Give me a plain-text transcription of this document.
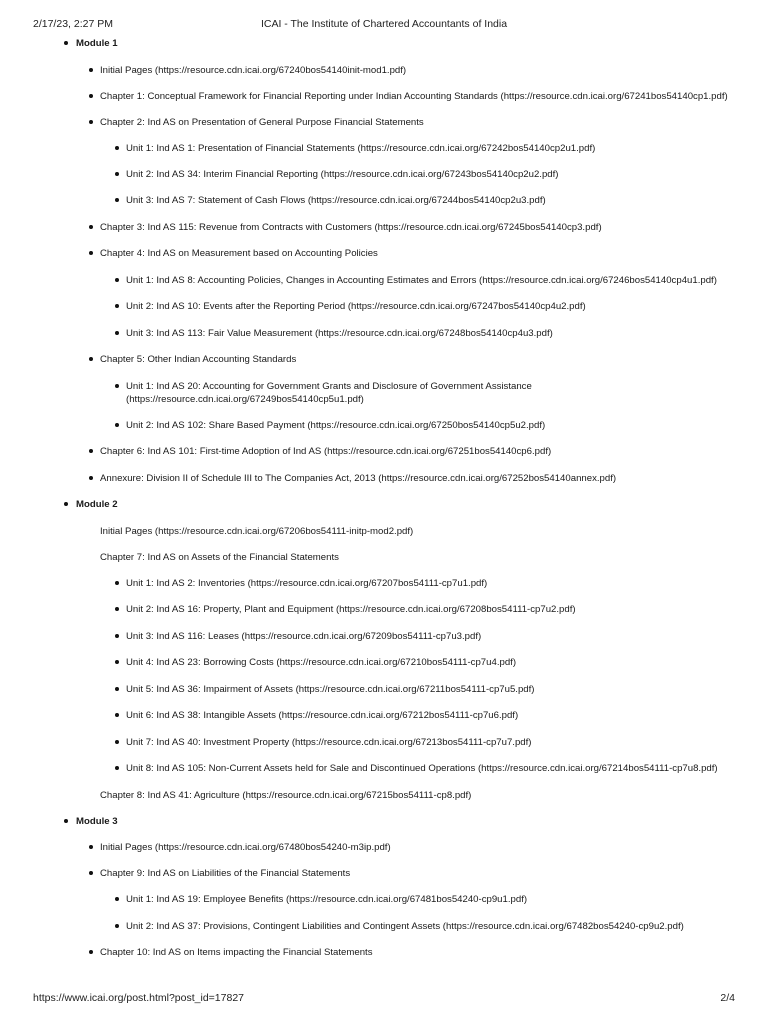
2/17/23, 2:27 PM	ICAI - The Institute of Chartered Accountants of India
Module 1
Initial Pages (https://resource.cdn.icai.org/67240bos54140init-mod1.pdf)
Chapter 1: Conceptual Framework for Financial Reporting under Indian Accounting Standards (https://resource.cdn.icai.org/67241bos54140cp1.pdf)
Chapter 2: Ind AS on Presentation of General Purpose Financial Statements
Unit 1: Ind AS 1: Presentation of Financial Statements (https://resource.cdn.icai.org/67242bos54140cp2u1.pdf)
Unit 2: Ind AS 34: Interim Financial Reporting (https://resource.cdn.icai.org/67243bos54140cp2u2.pdf)
Unit 3: Ind AS 7: Statement of Cash Flows (https://resource.cdn.icai.org/67244bos54140cp2u3.pdf)
Chapter 3: Ind AS 115: Revenue from Contracts with Customers (https://resource.cdn.icai.org/67245bos54140cp3.pdf)
Chapter 4: Ind AS on Measurement based on Accounting Policies
Unit 1: Ind AS 8: Accounting Policies, Changes in Accounting Estimates and Errors (https://resource.cdn.icai.org/67246bos54140cp4u1.pdf)
Unit 2: Ind AS 10: Events after the Reporting Period (https://resource.cdn.icai.org/67247bos54140cp4u2.pdf)
Unit 3: Ind AS 113: Fair Value Measurement (https://resource.cdn.icai.org/67248bos54140cp4u3.pdf)
Chapter 5: Other Indian Accounting Standards
Unit 1: Ind AS 20: Accounting for Government Grants and Disclosure of Government Assistance (https://resource.cdn.icai.org/67249bos54140cp5u1.pdf)
Unit 2: Ind AS 102: Share Based Payment (https://resource.cdn.icai.org/67250bos54140cp5u2.pdf)
Chapter 6: Ind AS 101: First-time Adoption of Ind AS (https://resource.cdn.icai.org/67251bos54140cp6.pdf)
Annexure: Division II of Schedule III to The Companies Act, 2013 (https://resource.cdn.icai.org/67252bos54140annex.pdf)
Module 2
Initial Pages (https://resource.cdn.icai.org/67206bos54111-initp-mod2.pdf)
Chapter 7: Ind AS on Assets of the Financial Statements
Unit 1: Ind AS 2: Inventories (https://resource.cdn.icai.org/67207bos54111-cp7u1.pdf)
Unit 2: Ind AS 16: Property, Plant and Equipment (https://resource.cdn.icai.org/67208bos54111-cp7u2.pdf)
Unit 3: Ind AS 116: Leases (https://resource.cdn.icai.org/67209bos54111-cp7u3.pdf)
Unit 4: Ind AS 23: Borrowing Costs (https://resource.cdn.icai.org/67210bos54111-cp7u4.pdf)
Unit 5: Ind AS 36: Impairment of Assets (https://resource.cdn.icai.org/67211bos54111-cp7u5.pdf)
Unit 6: Ind AS 38: Intangible Assets (https://resource.cdn.icai.org/67212bos54111-cp7u6.pdf)
Unit 7: Ind AS 40: Investment Property (https://resource.cdn.icai.org/67213bos54111-cp7u7.pdf)
Unit 8: Ind AS 105: Non-Current Assets held for Sale and Discontinued Operations (https://resource.cdn.icai.org/67214bos54111-cp7u8.pdf)
Chapter 8: Ind AS 41: Agriculture (https://resource.cdn.icai.org/67215bos54111-cp8.pdf)
Module 3
Initial Pages (https://resource.cdn.icai.org/67480bos54240-m3ip.pdf)
Chapter 9: Ind AS on Liabilities of the Financial Statements
Unit 1: Ind AS 19: Employee Benefits (https://resource.cdn.icai.org/67481bos54240-cp9u1.pdf)
Unit 2: Ind AS 37: Provisions, Contingent Liabilities and Contingent Assets (https://resource.cdn.icai.org/67482bos54240-cp9u2.pdf)
Chapter 10: Ind AS on Items impacting the Financial Statements
https://www.icai.org/post.html?post_id=17827	2/4
